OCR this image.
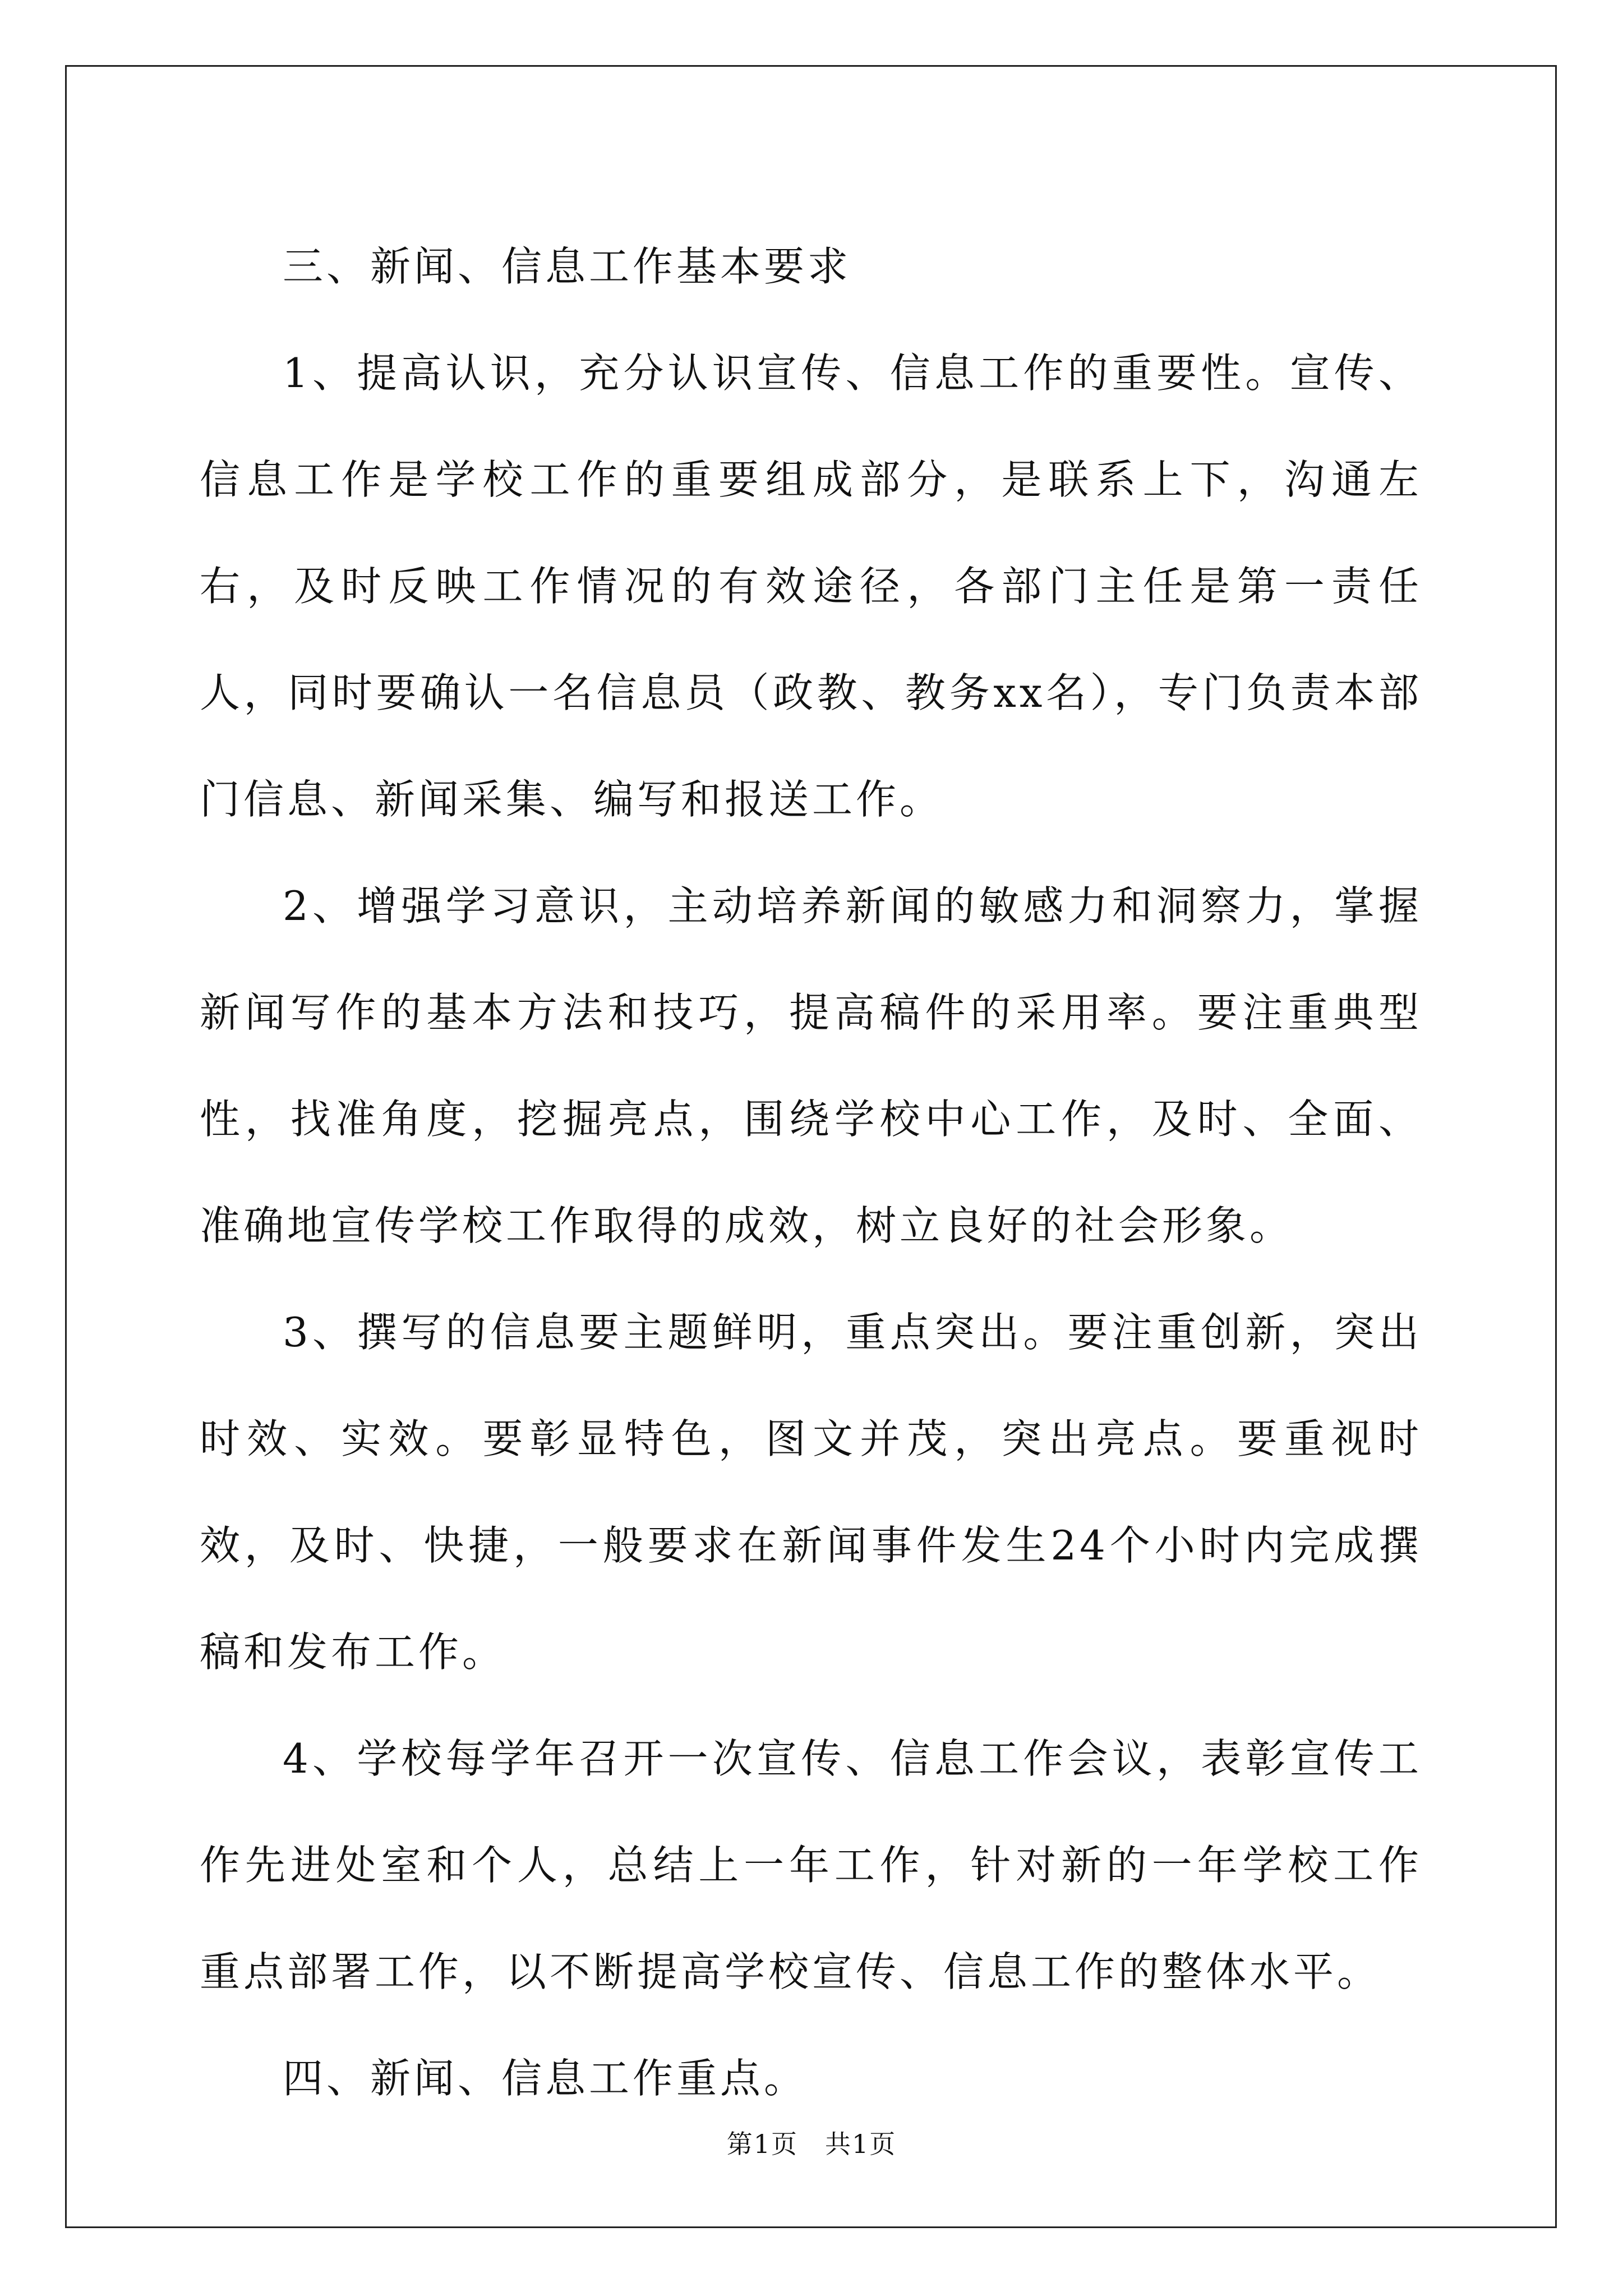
三、新闻、信息工作基本要求

1、提高认识，充分认识宣传、信息工作的重要性。宣传、信息工作是学校工作的重要组成部分，是联系上下，沟通左右，及时反映工作情况的有效途径，各部门主任是第一责任人，同时要确认一名信息员（政教、教务xx名），专门负责本部门信息、新闻采集、编写和报送工作。

2、增强学习意识，主动培养新闻的敏感力和洞察力，掌握新闻写作的基本方法和技巧，提高稿件的采用率。要注重典型性，找准角度，挖掘亮点，围绕学校中心工作，及时、全面、准确地宣传学校工作取得的成效，树立良好的社会形象。

3、撰写的信息要主题鲜明，重点突出。要注重创新，突出时效、实效。要彰显特色，图文并茂，突出亮点。要重视时效，及时、快捷，一般要求在新闻事件发生24个小时内完成撰稿和发布工作。

4、学校每学年召开一次宣传、信息工作会议，表彰宣传工作先进处室和个人，总结上一年工作，针对新的一年学校工作重点部署工作，以不断提高学校宣传、信息工作的整体水平。

四、新闻、信息工作重点。

第1页　共1页
